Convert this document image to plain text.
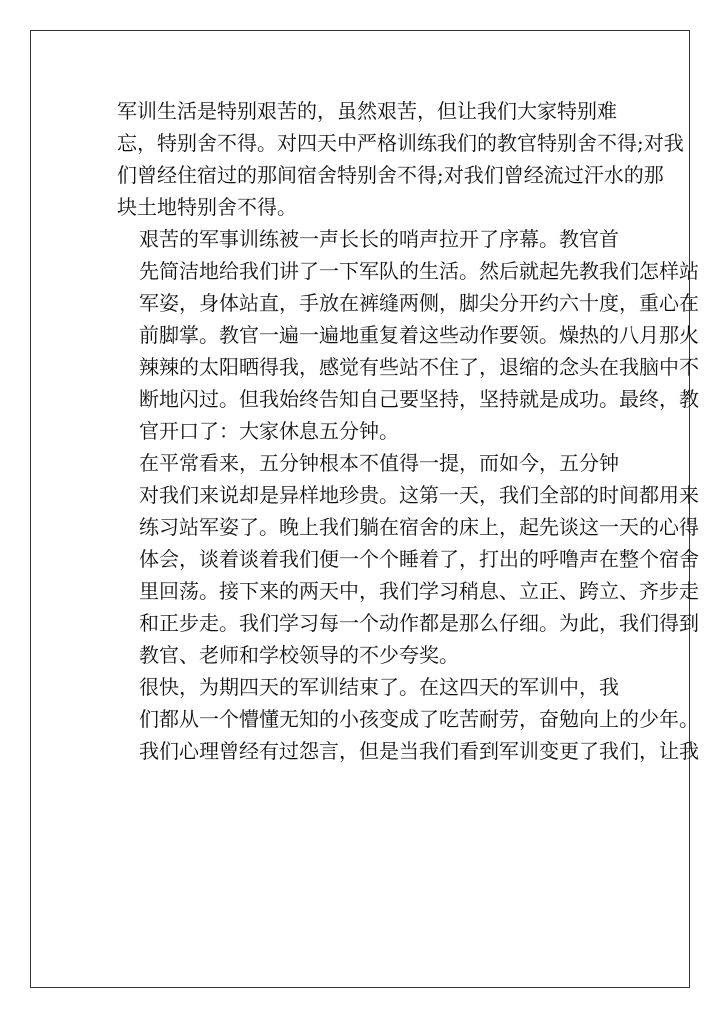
军训生活是特别艰苦的，虽然艰苦，但让我们大家特别难
忘，特别舍不得。对四天中严格训练我们的教官特别舍不得;对我
们曾经住宿过的那间宿舍特别舍不得;对我们曾经流过汗水的那
块土地特别舍不得。

艰苦的军事训练被一声长长的哨声拉开了序幕。教官首
先简洁地给我们讲了一下军队的生活。然后就起先教我们怎样站
军姿，身体站直，手放在裤缝两侧，脚尖分开约六十度，重心在
前脚掌。教官一遍一遍地重复着这些动作要领。燥热的八月那火
辣辣的太阳晒得我，感觉有些站不住了，退缩的念头在我脑中不
断地闪过。但我始终告知自己要坚持，坚持就是成功。最终，教
官开口了：大家休息五分钟。

在平常看来，五分钟根本不值得一提，而如今，五分钟
对我们来说却是异样地珍贵。这第一天，我们全部的时间都用来
练习站军姿了。晚上我们躺在宿舍的床上，起先谈这一天的心得
体会，谈着谈着我们便一个个睡着了，打出的呼噜声在整个宿舍
里回荡。接下来的两天中，我们学习稍息、立正、跨立、齐步走
和正步走。我们学习每一个动作都是那么仔细。为此，我们得到
教官、老师和学校领导的不少夸奖。

很快，为期四天的军训结束了。在这四天的军训中，我
们都从一个懵懂无知的小孩变成了吃苦耐劳，奋勉向上的少年。
我们心理曾经有过怨言，但是当我们看到军训变更了我们，让我
